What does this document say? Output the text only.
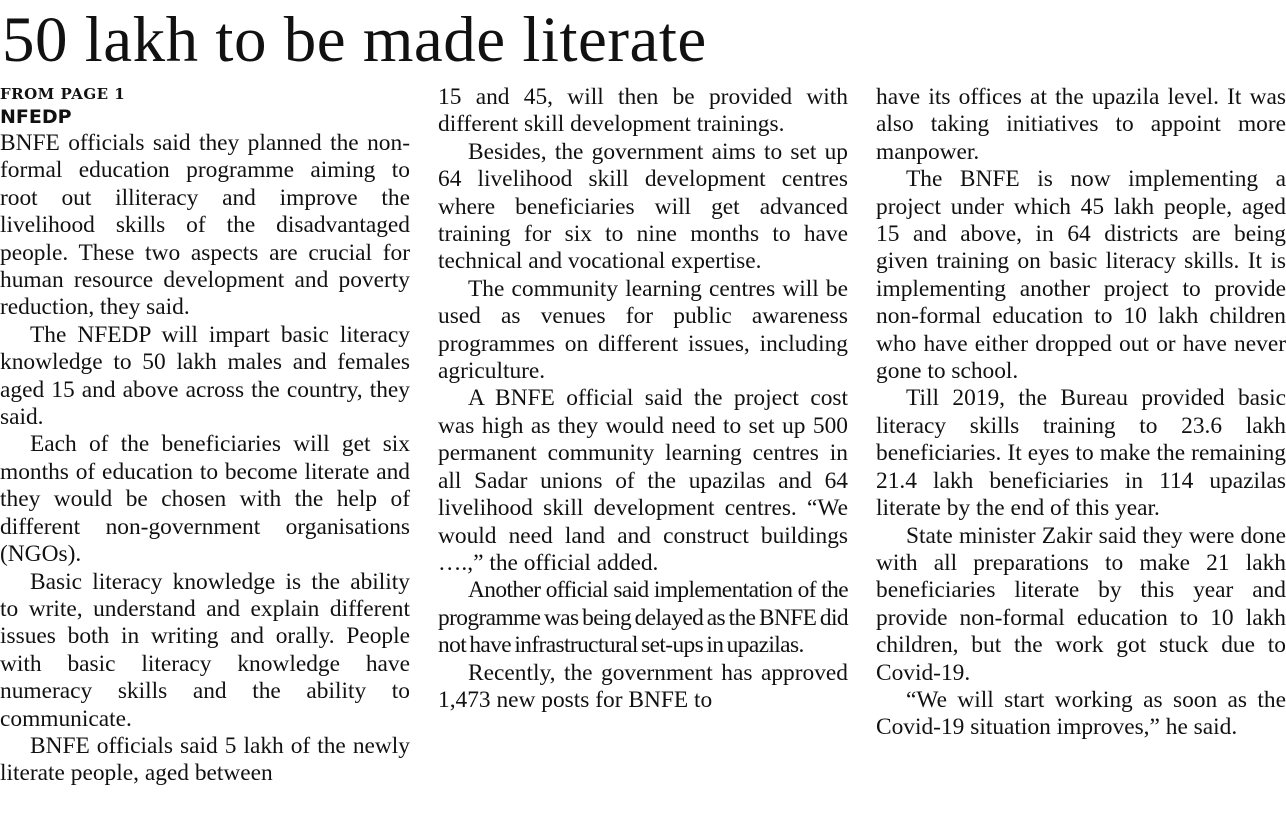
50 lakh to be made literate

FROM PAGE 1

NFEDP

BNFE officials said they planned the non-formal education programme aiming to root out illiteracy and improve the livelihood skills of the disadvantaged people. These two aspects are crucial for human resource development and poverty reduction, they said.

The NFEDP will impart basic literacy knowledge to 50 lakh males and females aged 15 and above across the country, they said.

Each of the beneficiaries will get six months of education to become literate and they would be chosen with the help of different non-government organisations (NGOs).

Basic literacy knowledge is the ability to write, understand and explain different issues both in writing and orally. People with basic literacy knowledge have numeracy skills and the ability to communicate.

BNFE officials said 5 lakh of the newly literate people, aged between

15 and 45, will then be provided with different skill development trainings.

Besides, the government aims to set up 64 livelihood skill development centres where beneficiaries will get advanced training for six to nine months to have technical and vocational expertise.

The community learning centres will be used as venues for public awareness programmes on different issues, including agriculture.

A BNFE official said the project cost was high as they would need to set up 500 permanent community learning centres in all Sadar unions of the upazilas and 64 livelihood skill development centres. “We would need land and construct buildings ….,” the official added.

Another official said implementation of the programme was being delayed as the BNFE did not have infrastructural set-ups in upazilas.

Recently, the government has approved 1,473 new posts for BNFE to

have its offices at the upazila level. It was also taking initiatives to appoint more manpower.

The BNFE is now implementing a project under which 45 lakh people, aged 15 and above, in 64 districts are being given training on basic literacy skills. It is implementing another project to provide non-formal education to 10 lakh children who have either dropped out or have never gone to school.

Till 2019, the Bureau provided basic literacy skills training to 23.6 lakh beneficiaries. It eyes to make the remaining 21.4 lakh beneficiaries in 114 upazilas literate by the end of this year.

State minister Zakir said they were done with all preparations to make 21 lakh beneficiaries literate by this year and provide non-formal education to 10 lakh children, but the work got stuck due to Covid-19.

“We will start working as soon as the Covid-19 situation improves,” he said.
